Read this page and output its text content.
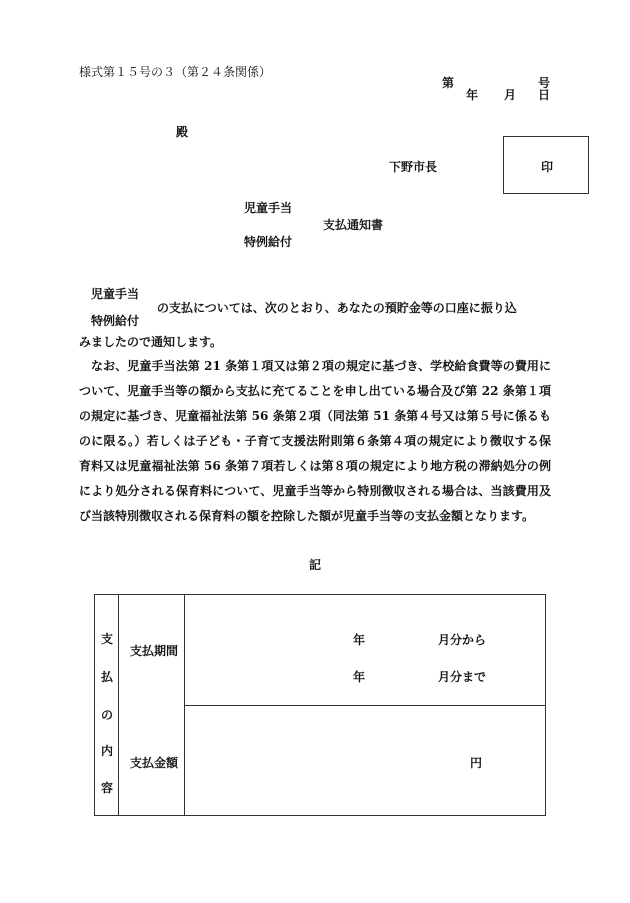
様式第１５号の３（第２４条関係）
第	号
年 月 日
殿
下野市長	印
児童手当
支払通知書
特例給付
児童手当
の支払については、次のとおり、あなたの預貯金等の口座に振り込
特例給付
みましたので通知します。
なお、児童手当法第 21 条第１項又は第２項の規定に基づき、学校給食費等の費用について、児童手当等の額から支払に充てることを申し出ている場合及び第 22 条第１項の規定に基づき、児童福祉法第 56 条第２項（同法第 51 条第４号又は第５号に係るものに限る。）若しくは子ども・子育て支援法附則第６条第４項の規定により徴収する保育料又は児童福祉法第 56 条第７項若しくは第８項の規定により地方税の滞納処分の例により処分される保育料について、児童手当等から特別徴収される場合は、当該費用及び当該特別徴収される保育料の額を控除した額が児童手当等の支払金額となります。
記
支
払
の
内
容
支払期間
年	月分から
年	月分まで
支払金額	円
